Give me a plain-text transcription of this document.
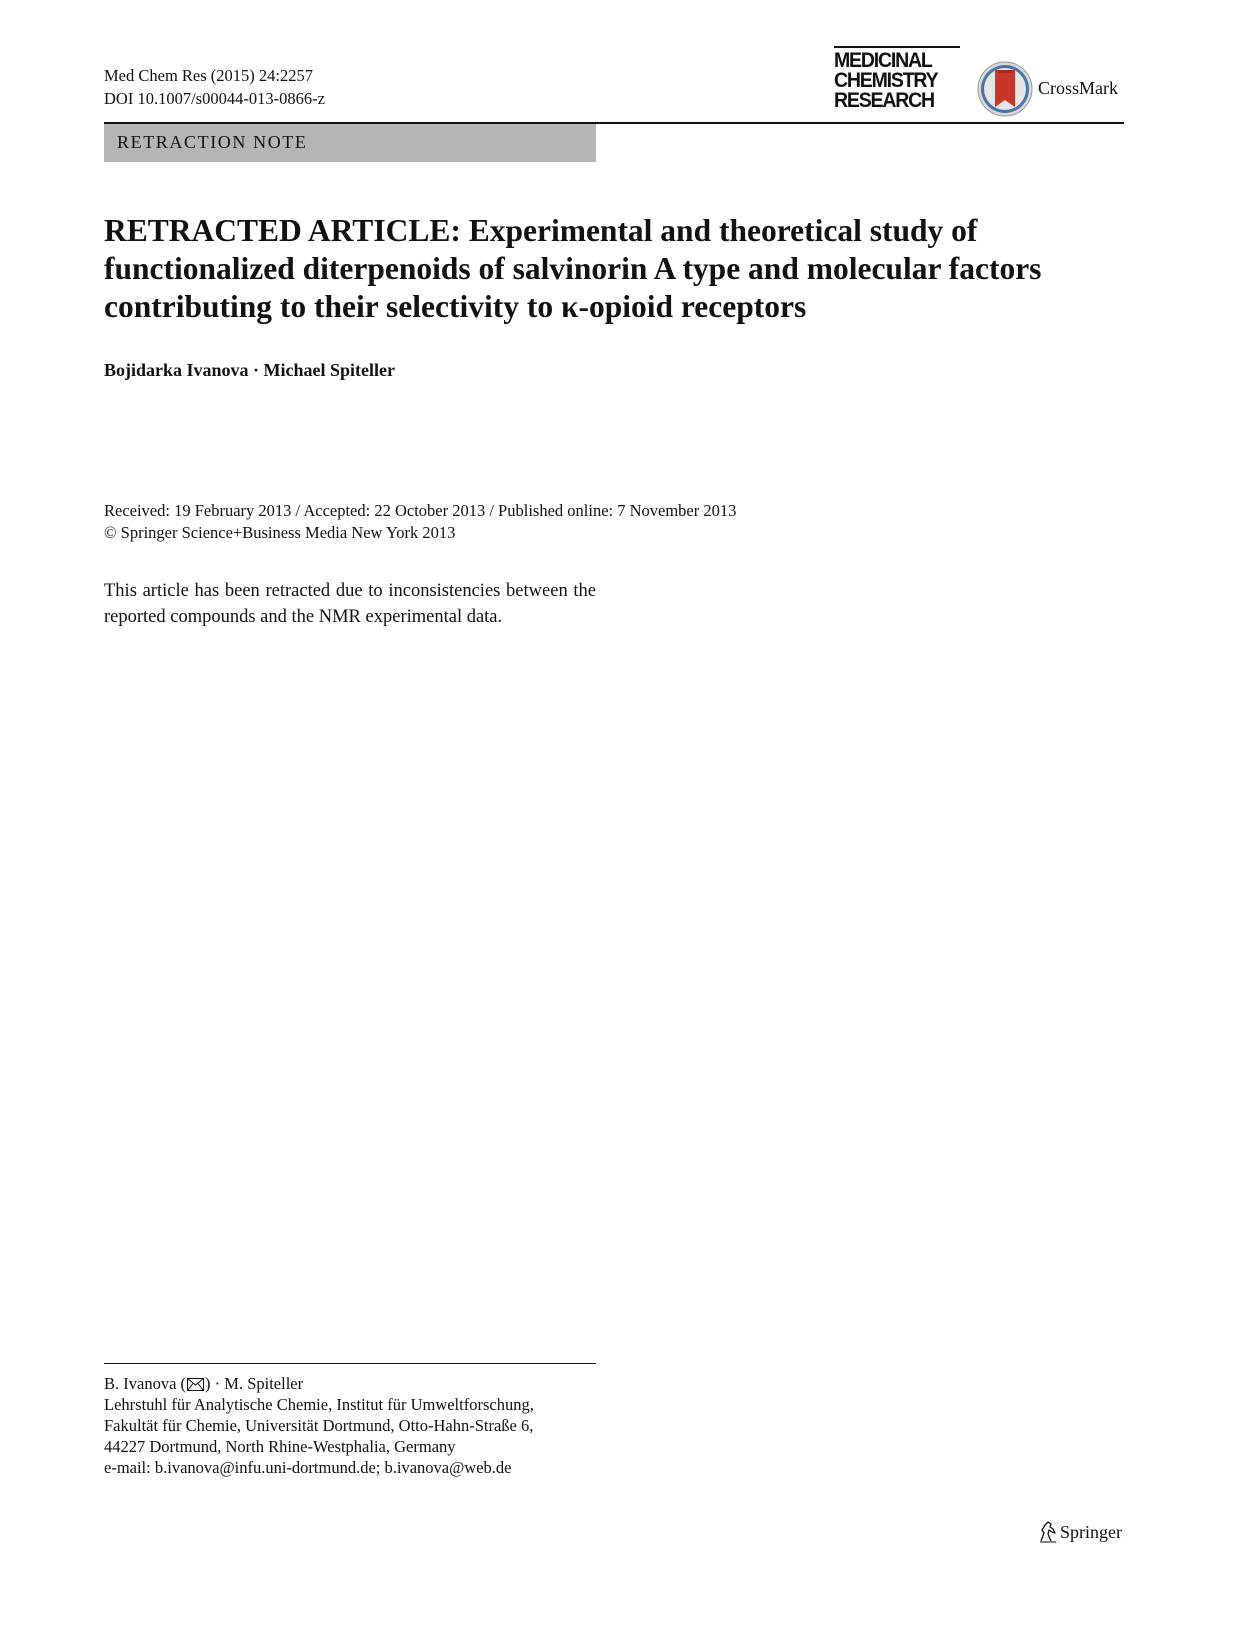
Med Chem Res (2015) 24:2257
DOI 10.1007/s00044-013-0866-z
MEDICINAL
CHEMISTRY
RESEARCH
CrossMark
RETRACTION NOTE
RETRACTED ARTICLE: Experimental and theoretical study of functionalized diterpenoids of salvinorin A type and molecular factors contributing to their selectivity to κ-opioid receptors
Bojidarka Ivanova · Michael Spiteller
Received: 19 February 2013 / Accepted: 22 October 2013 / Published online: 7 November 2013
© Springer Science+Business Media New York 2013

This article has been retracted due to inconsistencies between the reported compounds and the NMR experimental data.

B. Ivanova ( ) · M. Spiteller
Lehrstuhl für Analytische Chemie, Institut für Umweltforschung,
Fakultät für Chemie, Universität Dortmund, Otto-Hahn-Straße 6,
44227 Dortmund, North Rhine-Westphalia, Germany
e-mail: b.ivanova@infu.uni-dortmund.de; b.ivanova@web.de
Springer
